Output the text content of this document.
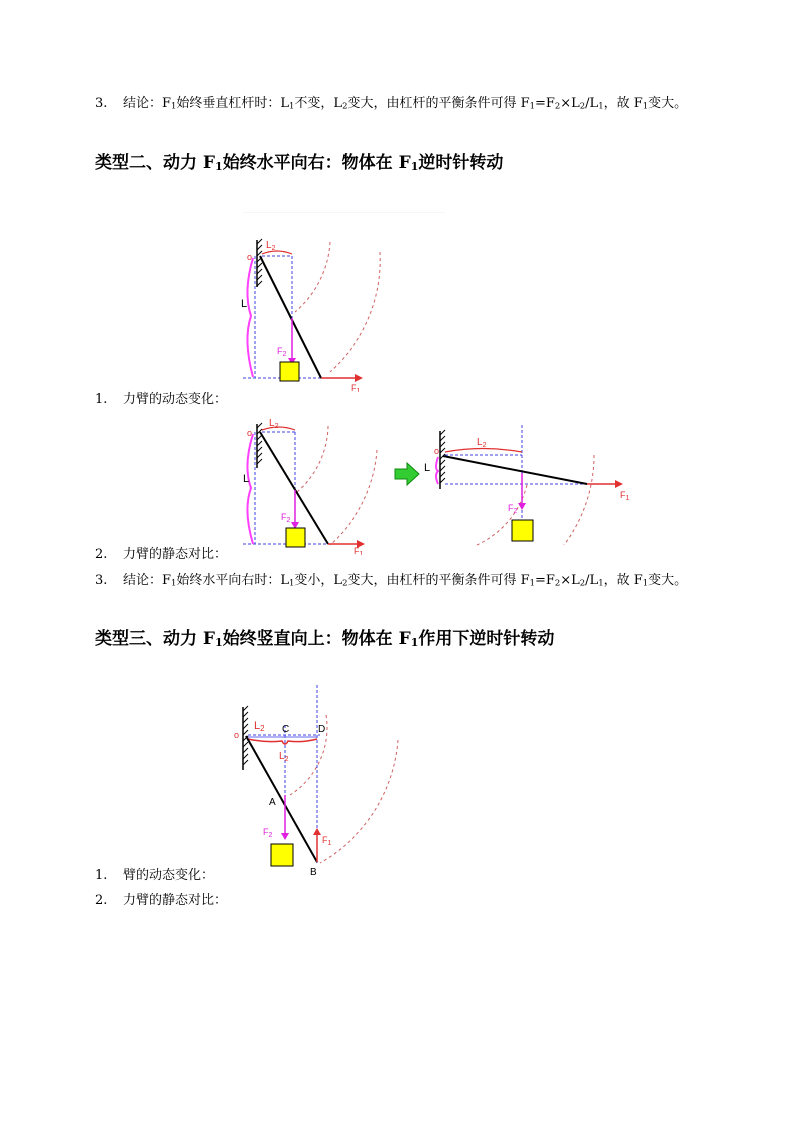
3. 结论：$F_1$始终垂直杠杆时：$L_1$不变，$L_2$变大，由杠杆的平衡条件可得 $F_1=F_2\times L_2/L_1$，故 $F_1$变大。
类型二、动力 $F_1$始终水平向右：物体在 $F_1$逆时针转动
o
$L_2$
L
$F_2$
$F_1$
1. 力臂的动态变化：
o
$L_2$
L
$F_2$
$F_1$
o
$L_2$
L
$F_2$
$F_1$
2. 力臂的静态对比：
3. 结论：$F_1$始终水平向右时：$L_1$变小，$L_2$变大，由杠杆的平衡条件可得 $F_1=F_2\times L_2/L_1$，故 $F_1$变大。
类型三、动力 $F_1$始终竖直向上：物体在 $F_1$作用下逆时针转动
o
L2
$L_2$
C	D
A
B
$F_2$	$F_1$
1. 臂的动态变化：
2. 力臂的静态对比：
